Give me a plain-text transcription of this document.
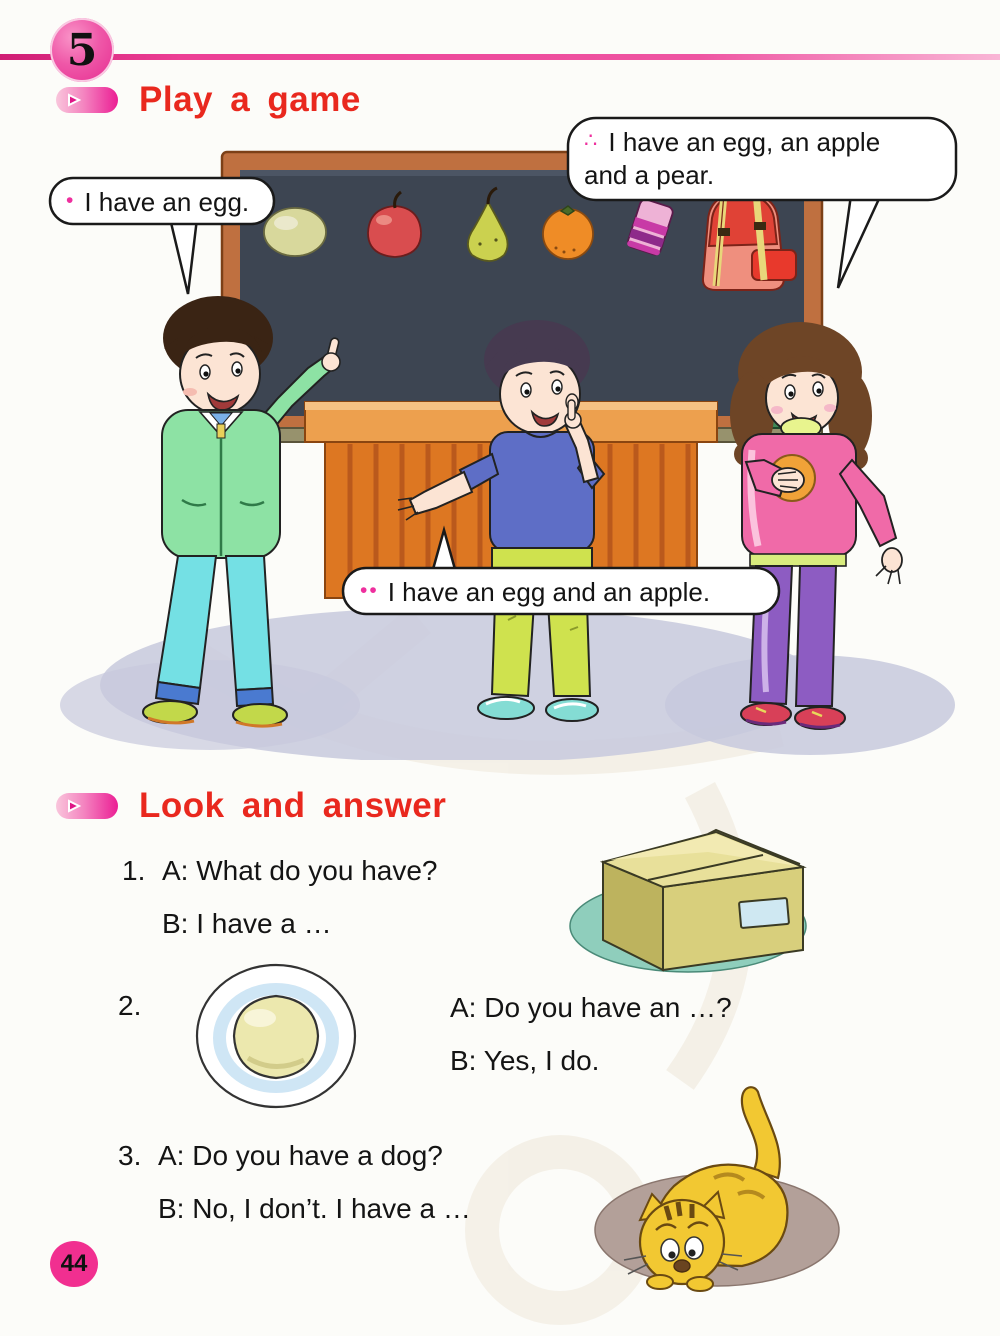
5
Play a game
• I have an egg.
∴ I have an egg, an apple and a pear.
•• I have an egg and an apple.
Look and answer
1. A: What do you have?
B: I have a …
2.	A: Do you have an …?
B: Yes, I do.
3. A: Do you have a dog?
B: No, I don’t. I have a …
44
